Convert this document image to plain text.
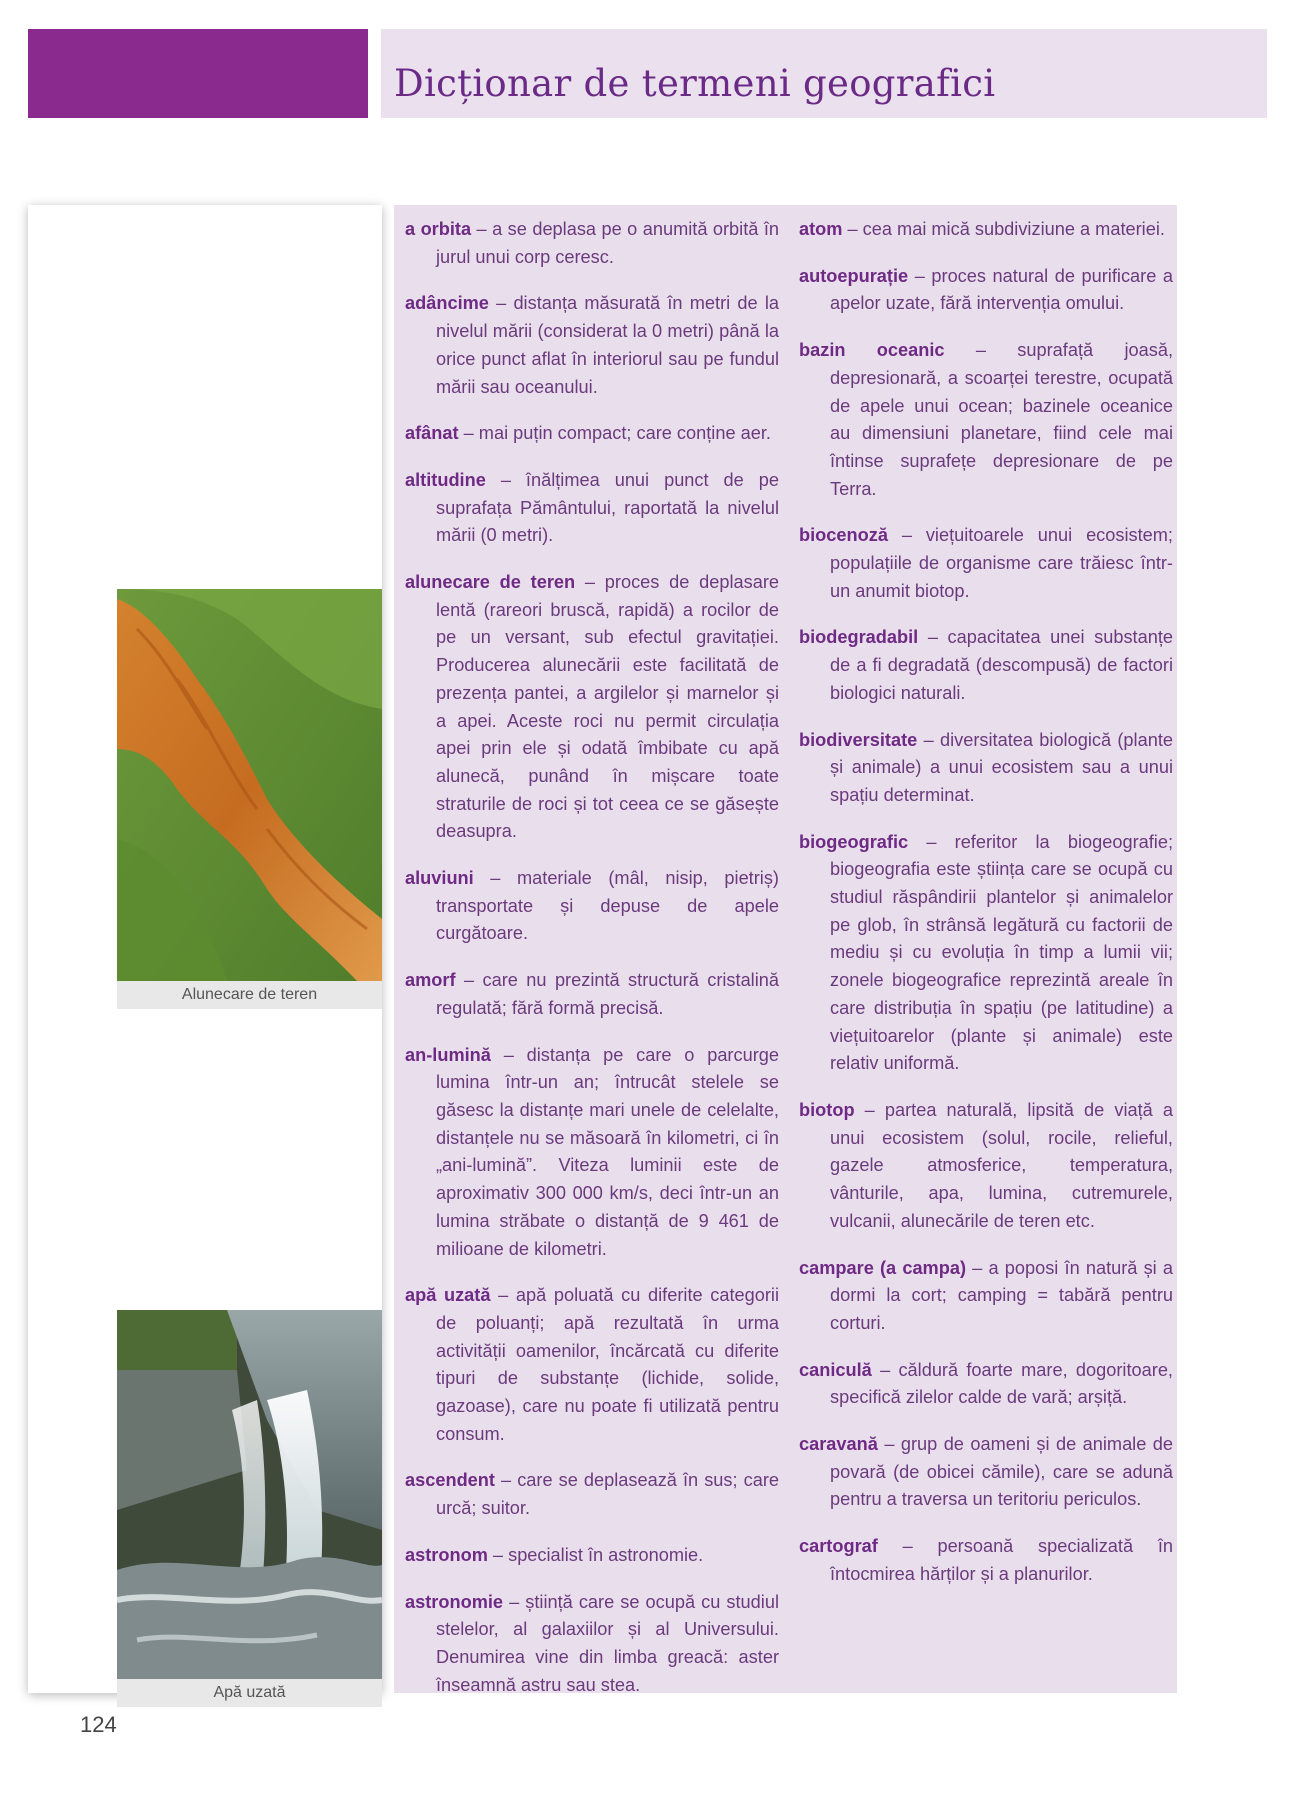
Dicționar de termeni geografici
Alunecare de teren
Apă uzată

a orbita – a se deplasa pe o anumită orbită în jurul unui corp ceresc.

adâncime – distanța măsurată în metri de la nivelul mării (considerat la 0 metri) până la orice punct aflat în interiorul sau pe fundul mării sau oceanului.

afânat – mai puțin compact; care conține aer.

altitudine – înălțimea unui punct de pe suprafața Pământului, raportată la nivelul mării (0 metri).

alunecare de teren – proces de deplasare lentă (rareori bruscă, rapidă) a rocilor de pe un versant, sub efectul gravitației. Producerea alunecării este facilitată de prezența pantei, a argilelor și marnelor și a apei. Aceste roci nu permit circulația apei prin ele și odată îmbibate cu apă alunecă, punând în mișcare toate straturile de roci și tot ceea ce se găsește deasupra.

aluviuni – materiale (mâl, nisip, pietriș) transportate și depuse de apele curgătoare.

amorf – care nu prezintă structură cristalină regulată; fără formă precisă.

an-lumină – distanța pe care o parcurge lumina într-un an; întrucât stelele se găsesc la distanțe mari unele de celelalte, distanțele nu se măsoară în kilometri, ci în „ani-lumină”. Viteza luminii este de aproximativ 300 000 km/s, deci într-un an lumina străbate o distanță de 9 461 de milioane de kilometri.

apă uzată – apă poluată cu diferite categorii de poluanți; apă rezultată în urma activității oamenilor, încărcată cu diferite tipuri de substanțe (lichide, solide, gazoase), care nu poate fi utilizată pentru consum.

ascendent – care se deplasează în sus; care urcă; suitor.

astronom – specialist în astronomie.

astronomie – știință care se ocupă cu studiul stelelor, al galaxiilor și al Universului. Denumirea vine din limba greacă: aster înseamnă astru sau stea.

atom – cea mai mică subdiviziune a materiei.

autoepurație – proces natural de purificare a apelor uzate, fără intervenția omului.

bazin oceanic – suprafață joasă, depresionară, a scoarței terestre, ocupată de apele unui ocean; bazinele oceanice au dimensiuni planetare, fiind cele mai întinse suprafețe depresionare de pe Terra.

biocenoză – viețuitoarele unui ecosistem; populațiile de organisme care trăiesc într-un anumit biotop.

biodegradabil – capacitatea unei substanțe de a fi degradată (descompusă) de factori biologici naturali.

biodiversitate – diversitatea biologică (plante și animale) a unui ecosistem sau a unui spațiu determinat.

biogeografic – referitor la biogeografie; biogeografia este știința care se ocupă cu studiul răspândirii plantelor și animalelor pe glob, în strânsă legătură cu factorii de mediu și cu evoluția în timp a lumii vii; zonele biogeografice reprezintă areale în care distribuția în spațiu (pe latitudine) a viețuitoarelor (plante și animale) este relativ uniformă.

biotop – partea naturală, lipsită de viață a unui ecosistem (solul, rocile, relieful, gazele atmosferice, temperatura, vânturile, apa, lumina, cutremurele, vulcanii, alunecările de teren etc.

campare (a campa) – a poposi în natură și a dormi la cort; camping = tabără pentru corturi.

caniculă – căldură foarte mare, dogoritoare, specifică zilelor calde de vară; arșiță.

caravană – grup de oameni și de animale de povară (de obicei cămile), care se adună pentru a traversa un teritoriu periculos.

cartograf – persoană specializată în întocmirea hărților și a planurilor.

124
